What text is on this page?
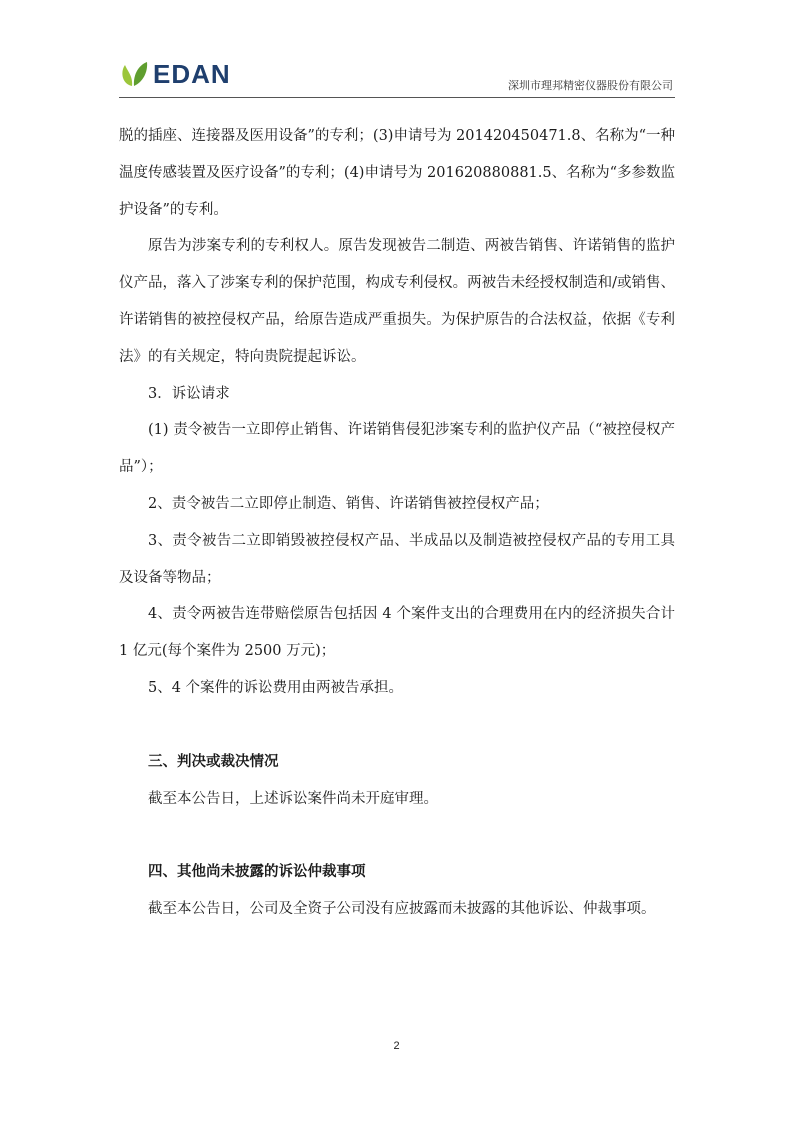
EDAN	深圳市理邦精密仪器股份有限公司

脱的插座、连接器及医用设备”的专利；(3)申请号为 201420450471.8、名称为“一种温度传感装置及医疗设备”的专利；(4)申请号为 201620880881.5、名称为“多参数监护设备”的专利。

原告为涉案专利的专利权人。原告发现被告二制造、两被告销售、许诺销售的监护仪产品，落入了涉案专利的保护范围，构成专利侵权。两被告未经授权制造和/或销售、许诺销售的被控侵权产品，给原告造成严重损失。为保护原告的合法权益，依据《专利法》的有关规定，特向贵院提起诉讼。

3．诉讼请求

(1) 责令被告一立即停止销售、许诺销售侵犯涉案专利的监护仪产品（“被控侵权产品”）；

2、责令被告二立即停止制造、销售、许诺销售被控侵权产品；

3、责令被告二立即销毁被控侵权产品、半成品以及制造被控侵权产品的专用工具及设备等物品；

4、责令两被告连带赔偿原告包括因 4 个案件支出的合理费用在内的经济损失合计 1 亿元(每个案件为 2500 万元)；

5、4 个案件的诉讼费用由两被告承担。

三、判决或裁决情况

截至本公告日，上述诉讼案件尚未开庭审理。

四、其他尚未披露的诉讼仲裁事项

截至本公告日，公司及全资子公司没有应披露而未披露的其他诉讼、仲裁事项。

2
